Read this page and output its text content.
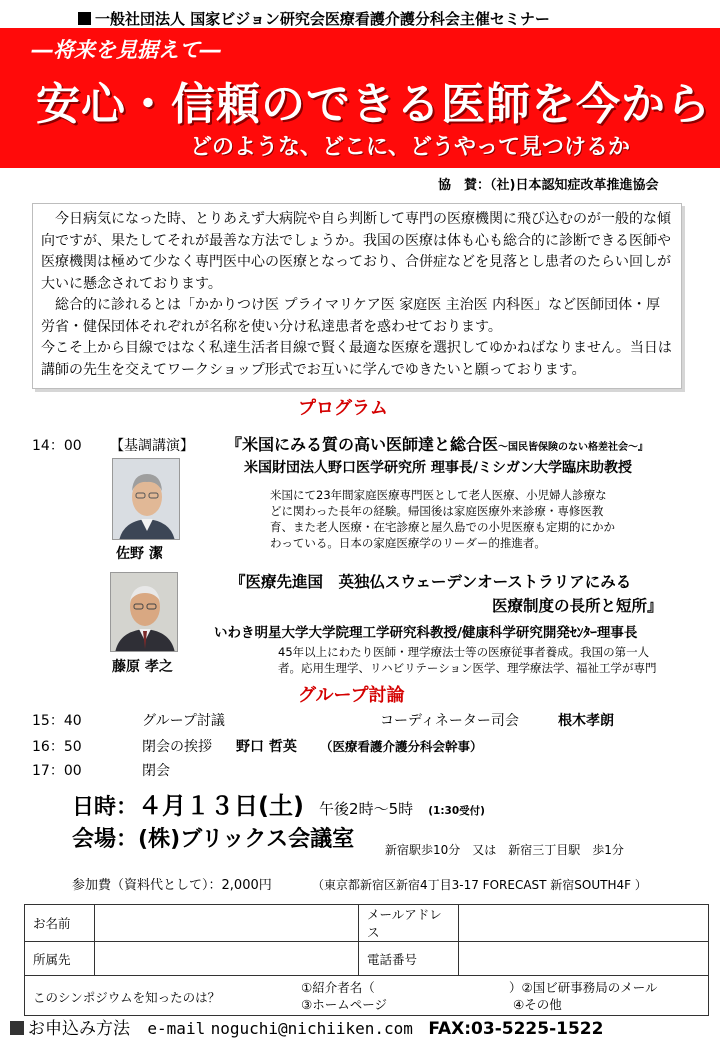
一般社団法人 国家ビジョン研究会医療看護介護分科会主催セミナー
―将来を見据えて―
安心・信頼のできる医師を今から
どのような、どこに、どうやって見つけるか
協　賛：（社)日本認知症改革推進協会

　今日病気になった時、とりあえず大病院や自ら判断して専門の医療機関に飛び込むのが一般的な傾向ですが、果たしてそれが最善な方法でしょうか。我国の医療は体も心も総合的に診断できる医師や医療機関は極めて少なく専門医中心の医療となっており、合併症などを見落とし患者のたらい回しが大いに懸念されております。

　総合的に診れるとは「かかりつけ医 プライマリケア医 家庭医 主治医 内科医」など医師団体・厚労省・健保団体それぞれが名称を使い分け私達患者を惑わせております。

今こそ上から目線ではなく私達生活者目線で賢く最適な医療を選択してゆかねばなりません。当日は講師の先生を交えてワークショップ形式でお互いに学んでゆきたいと願っております。

プログラム
14：00 【基調講演】 『米国にみる質の高い医師達と総合医～国民皆保険のない格差社会～』
米国財団法人野口医学研究所 理事長/ミシガン大学臨床助教授
佐野 潔
米国にて23年間家庭医療専門医として老人医療、小児婦人診療な
どに関わった長年の経験。帰国後は家庭医療外来診療・専修医教
育、また老人医療・在宅診療と屋久島での小児医療も定期的にかか
わっている。日本の家庭医療学のリーダー的推進者。
『医療先進国　英独仏スウェーデンオーストラリアにみる
医療制度の長所と短所』
いわき明星大学大学院理工学研究科教授/健康科学研究開発ｾﾝﾀｰ理事長
藤原 孝之
45年以上にわたり医師・理学療法士等の医療従事者養成。我国の第一人
者。応用生理学、リハビリテーション医学、理学療法学、福祉工学が専門
グループ討論
15：40	グループ討議	コーディネーター司会	根木孝朗
16：50	閉会の挨拶 野口 哲英 （医療看護介護分科会幹事）
17：00	閉会
日時：４月１３日(土) 午後2時～5時 (1:30受付)
会場：(株)ブリックス会議室	新宿駅歩10分　又は　新宿三丁目駅　歩1分
参加費（資料代として）：2,000円	（東京都新宿区新宿4丁目3-17 FORECAST 新宿SOUTH4F ）
お名前		メールアドレス	
所属先		電話番号	

このシンポジウムを知ったのは？
①紹介者名（ ）②国ビ研事務局のメール
③ホームページ ④その他			
お申込み方法 e-mail noguchi@nichiiken.com FAX:03-5225-1522
